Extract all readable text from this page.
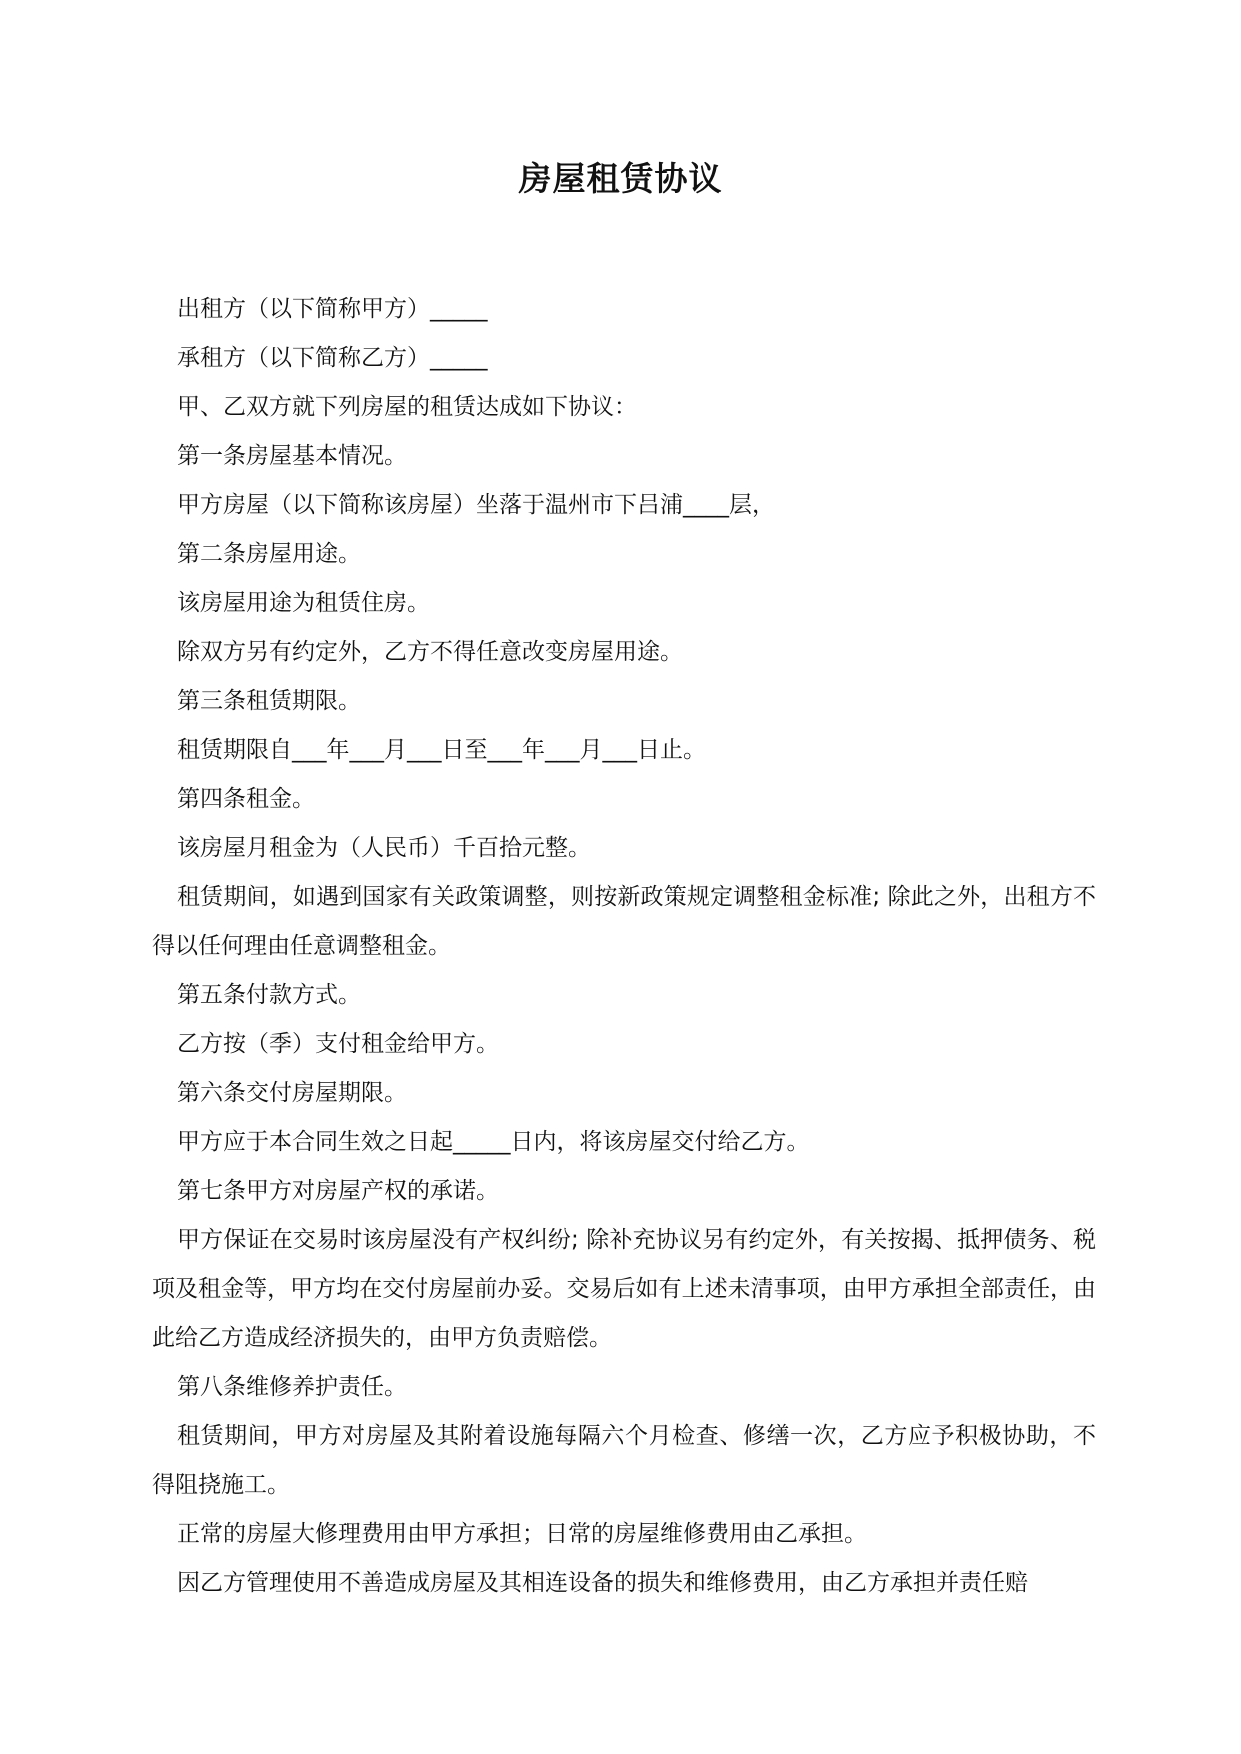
房屋租赁协议

出租方（以下简称甲方）_____

承租方（以下简称乙方）_____

甲、乙双方就下列房屋的租赁达成如下协议：

第一条房屋基本情况。

甲方房屋（以下简称该房屋）坐落于温州市下吕浦____层，

第二条房屋用途。

该房屋用途为租赁住房。

除双方另有约定外，乙方不得任意改变房屋用途。

第三条租赁期限。

租赁期限自___年___月___日至___年___月___日止。

第四条租金。

该房屋月租金为（人民币）千百拾元整。

租赁期间，如遇到国家有关政策调整，则按新政策规定调整租金标准; 除此之外，出租方不得以任何理由任意调整租金。

第五条付款方式。

乙方按（季）支付租金给甲方。

第六条交付房屋期限。

甲方应于本合同生效之日起_____日内，将该房屋交付给乙方。

第七条甲方对房屋产权的承诺。

甲方保证在交易时该房屋没有产权纠纷; 除补充协议另有约定外，有关按揭、抵押债务、税项及租金等，甲方均在交付房屋前办妥。交易后如有上述未清事项，由甲方承担全部责任，由此给乙方造成经济损失的，由甲方负责赔偿。

第八条维修养护责任。

租赁期间，甲方对房屋及其附着设施每隔六个月检查、修缮一次，乙方应予积极协助，不得阻挠施工。

正常的房屋大修理费用由甲方承担；日常的房屋维修费用由乙承担。

因乙方管理使用不善造成房屋及其相连设备的损失和维修费用，由乙方承担并责任赔
